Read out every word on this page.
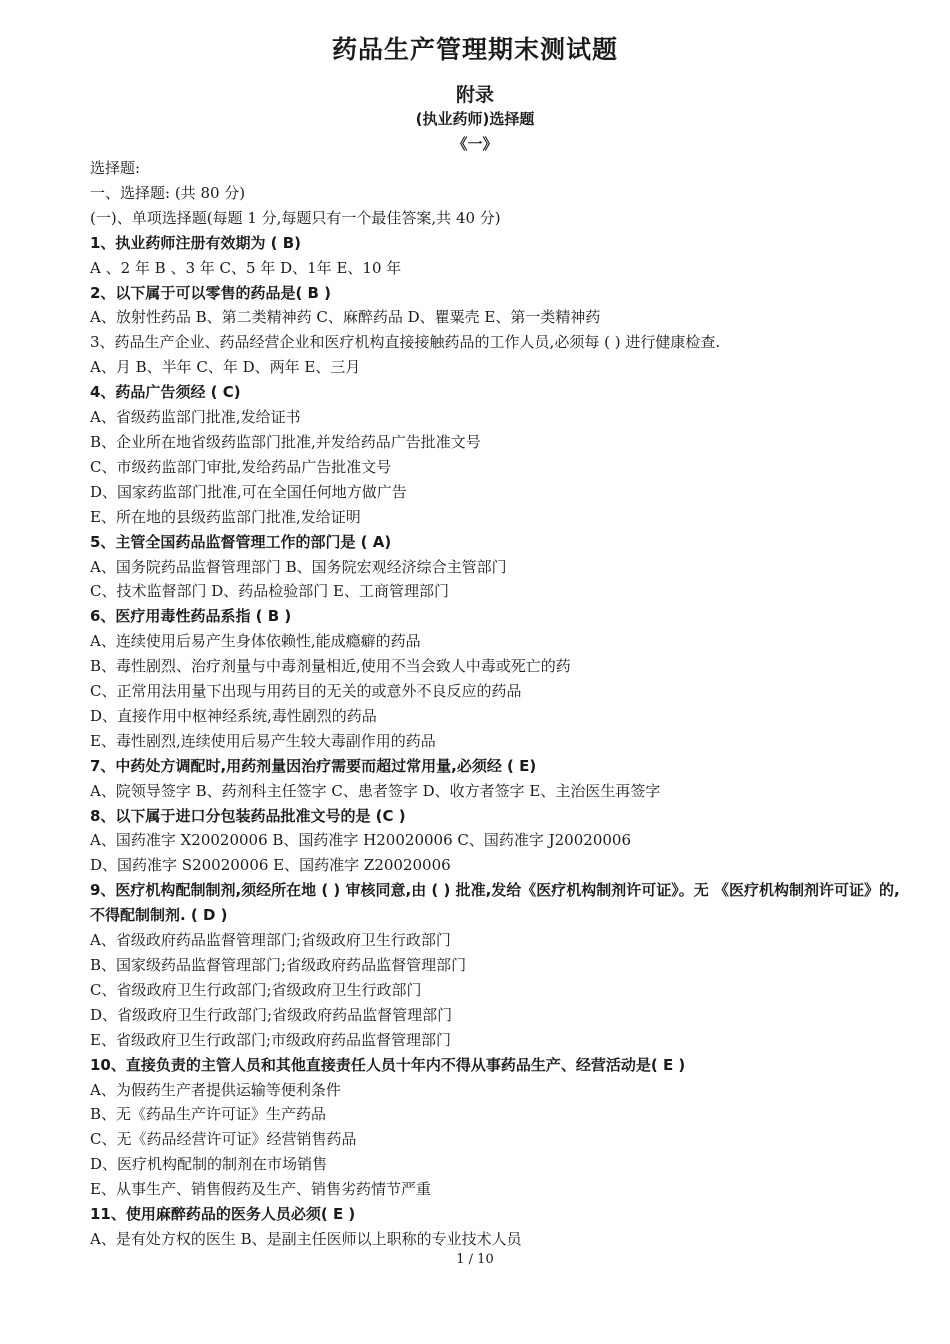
药品生产管理期末测试题
附录
(执业药师)选择题
《一》
选择题:
一、选择题: (共 80 分)
(一)、单项选择题(每题 1 分,每题只有一个最佳答案,共 40 分)
1、执业药师注册有效期为 ( B)
A 、2 年 B 、3 年 C、5 年 D、1年 E、10 年
2、以下属于可以零售的药品是( B )
A、放射性药品 B、第二类精神药 C、麻醉药品 D、瞿粟壳 E、第一类精神药
3、药品生产企业、药品经营企业和医疗机构直接接触药品的工作人员,必须每 ( ) 进行健康检查.
A、月 B、半年 C、年 D、两年 E、三月
4、药品广告须经 ( C)
A、省级药监部门批准,发给证书
B、企业所在地省级药监部门批准,并发给药品广告批准文号
C、市级药监部门审批,发给药品广告批准文号
D、国家药监部门批准,可在全国任何地方做广告
E、所在地的县级药监部门批准,发给证明
5、主管全国药品监督管理工作的部门是 ( A)
A、国务院药品监督管理部门 B、国务院宏观经济综合主管部门
C、技术监督部门 D、药品检验部门 E、工商管理部门
6、医疗用毒性药品系指 ( B )
A、连续使用后易产生身体依赖性,能成瘾癖的药品
B、毒性剧烈、治疗剂量与中毒剂量相近,使用不当会致人中毒或死亡的药
C、正常用法用量下出现与用药目的无关的或意外不良反应的药品
D、直接作用中枢神经系统,毒性剧烈的药品
E、毒性剧烈,连续使用后易产生较大毒副作用的药品
7、中药处方调配时,用药剂量因治疗需要而超过常用量,必须经 ( E)
A、院领导签字 B、药剂科主任签字 C、患者签字 D、收方者签字 E、主治医生再签字
8、以下属于进口分包装药品批准文号的是 (C )
A、国药准字 X20020006 B、国药准字 H20020006 C、国药准字 J20020006
D、国药准字 S20020006 E、国药准字 Z20020006
9、医疗机构配制制剂,须经所在地 ( ) 审核同意,由 ( ) 批准,发给《医疗机构制剂许可证》。无 《医疗机构制剂许可证》的,不得配制制剂. ( D )
A、省级政府药品监督管理部门;省级政府卫生行政部门
B、国家级药品监督管理部门;省级政府药品监督管理部门
C、省级政府卫生行政部门;省级政府卫生行政部门
D、省级政府卫生行政部门;省级政府药品监督管理部门
E、省级政府卫生行政部门;市级政府药品监督管理部门
10、直接负责的主管人员和其他直接责任人员十年内不得从事药品生产、经营活动是( E )
A、为假药生产者提供运输等便利条件
B、无《药品生产许可证》生产药品
C、无《药品经营许可证》经营销售药品
D、医疗机构配制的制剂在市场销售
E、从事生产、销售假药及生产、销售劣药情节严重
11、使用麻醉药品的医务人员必须( E )
A、是有处方权的医生 B、是副主任医师以上职称的专业技术人员
1 / 10
